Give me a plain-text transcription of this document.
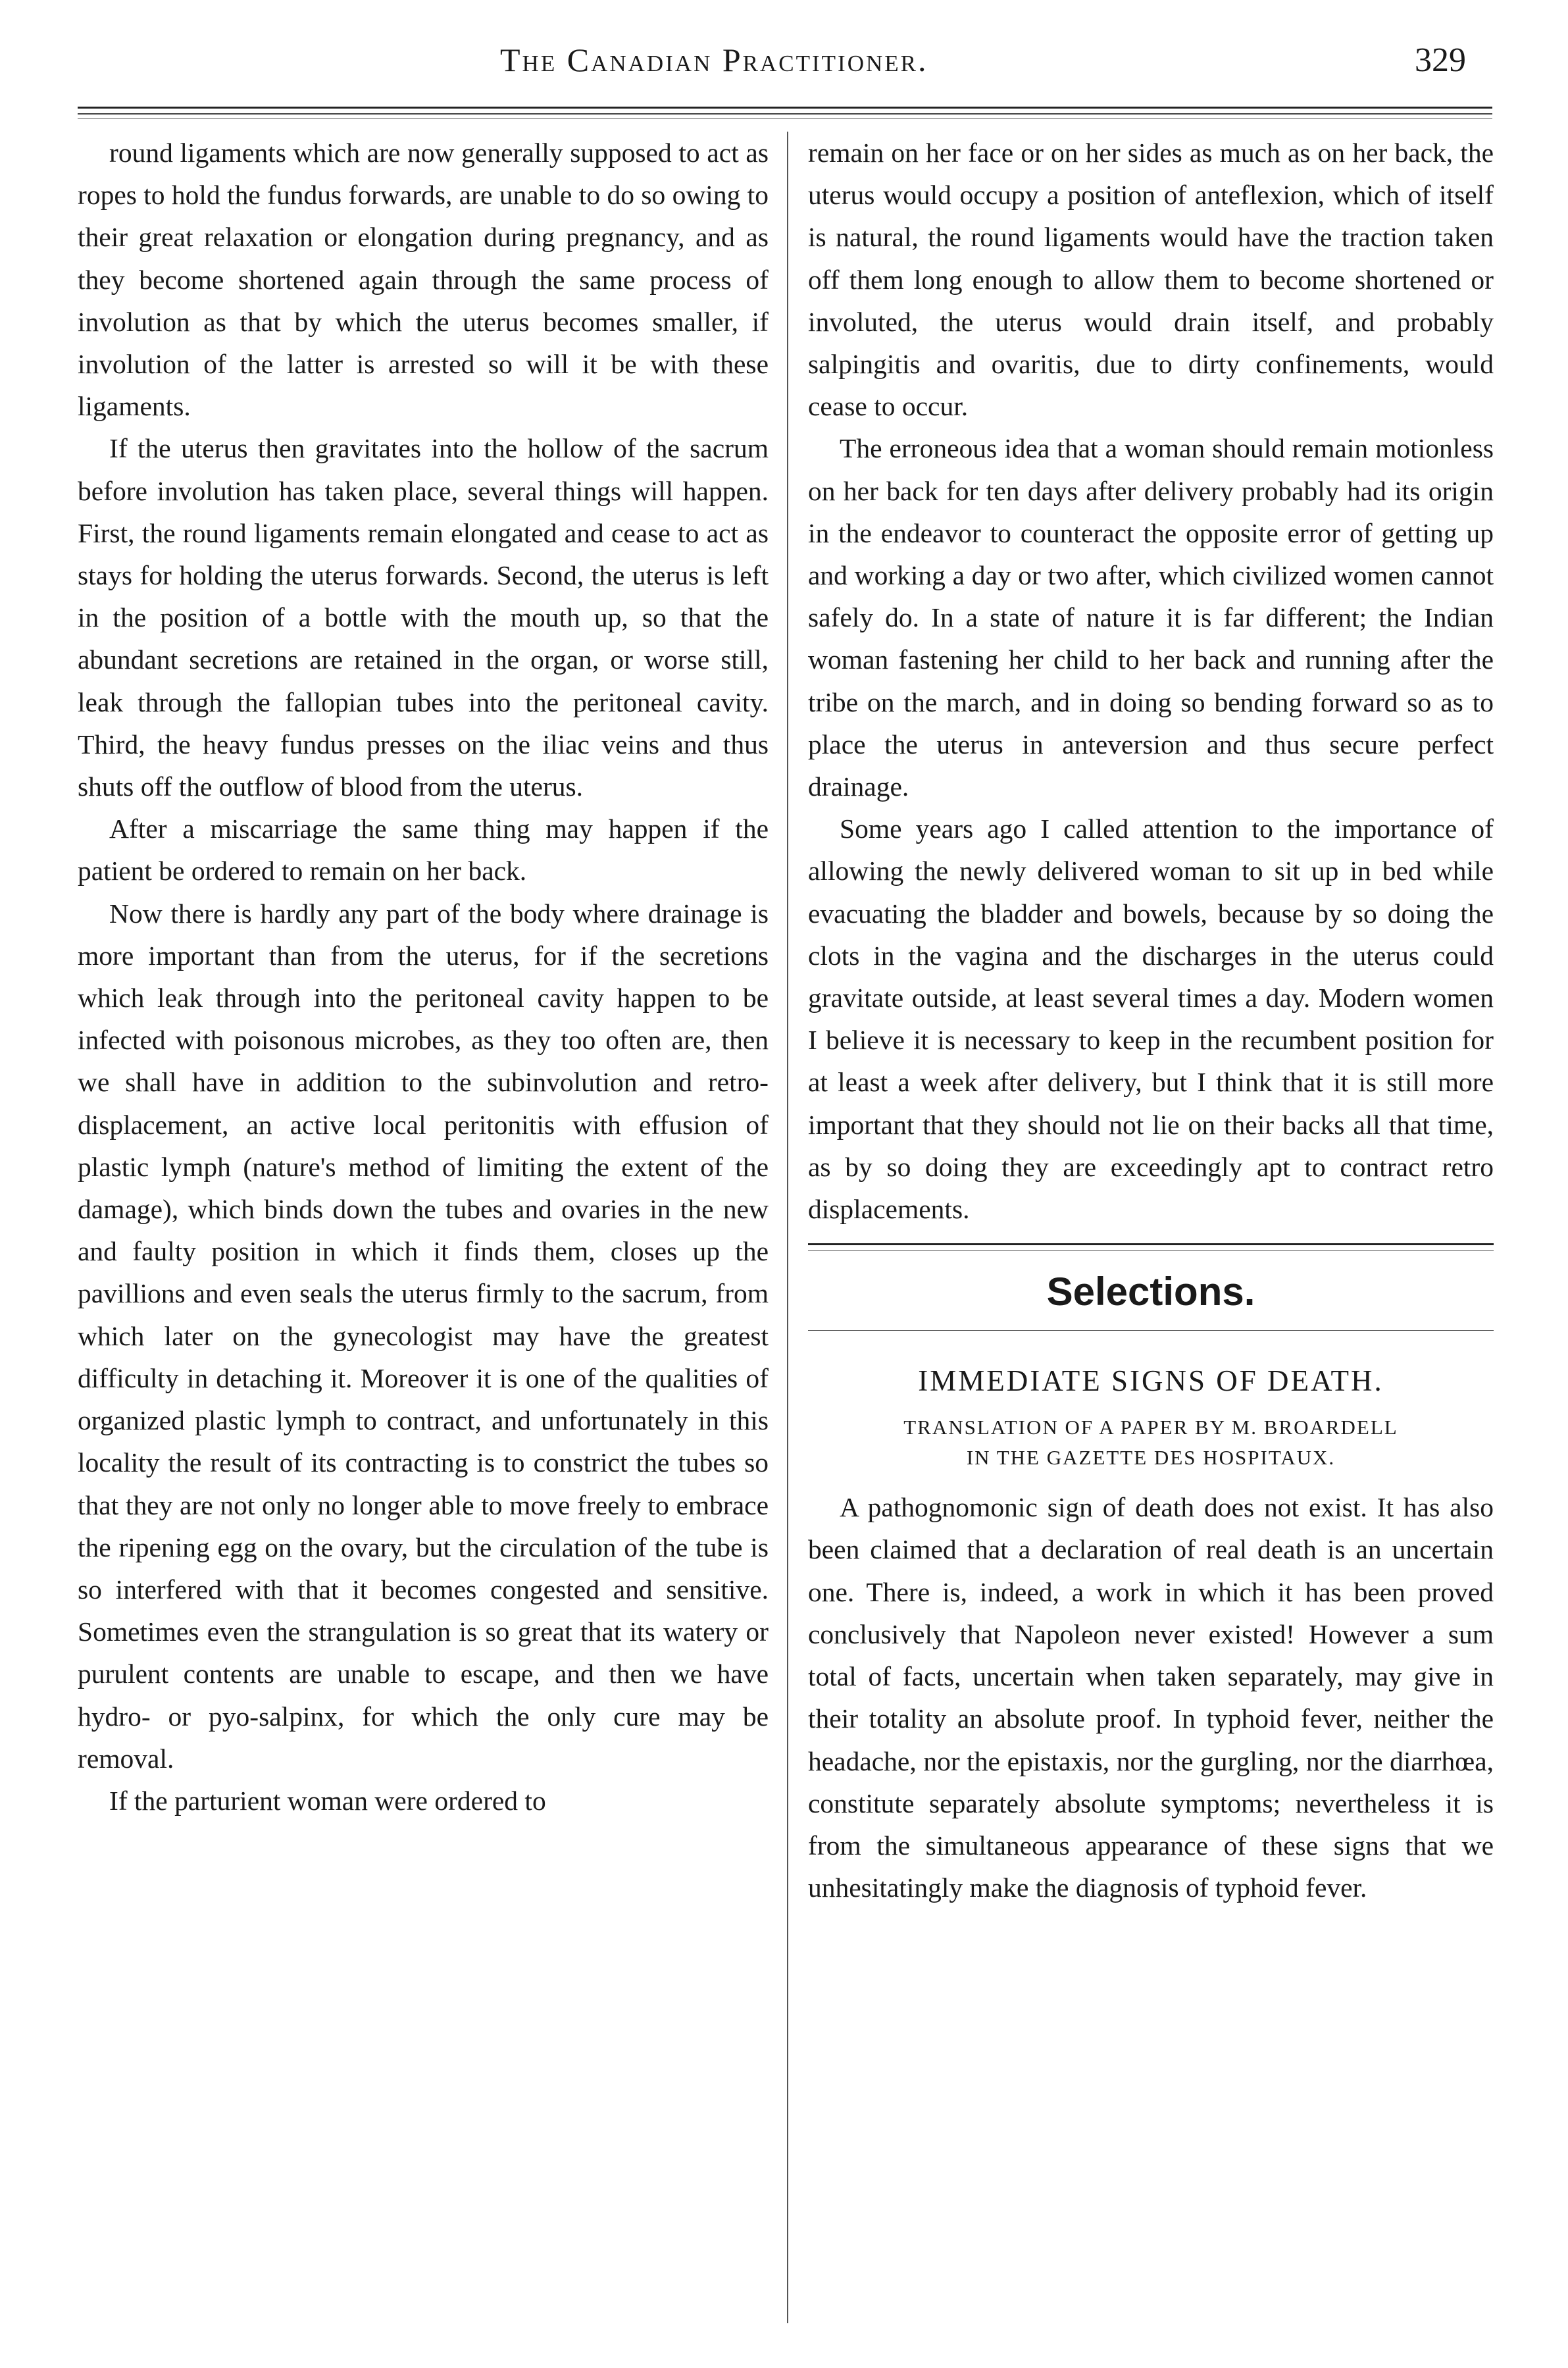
The Canadian Practitioner.	329

round ligaments which are now generally supposed to act as ropes to hold the fundus forwards, are unable to do so owing to their great relaxation or elongation during pregnancy, and as they become shortened again through the same process of involution as that by which the uterus becomes smaller, if involution of the latter is arrested so will it be with these ligaments.

If the uterus then gravitates into the hollow of the sacrum before involution has taken place, several things will happen. First, the round ligaments remain elongated and cease to act as stays for holding the uterus forwards. Second, the uterus is left in the position of a bottle with the mouth up, so that the abundant secretions are retained in the organ, or worse still, leak through the fallopian tubes into the peritoneal cavity. Third, the heavy fundus presses on the iliac veins and thus shuts off the outflow of blood from the uterus.

After a miscarriage the same thing may happen if the patient be ordered to remain on her back.

Now there is hardly any part of the body where drainage is more important than from the uterus, for if the secretions which leak through into the peritoneal cavity happen to be infected with poisonous microbes, as they too often are, then we shall have in addition to the subinvolution and retro-displacement, an active local peritonitis with effusion of plastic lymph (nature's method of limiting the extent of the damage), which binds down the tubes and ovaries in the new and faulty position in which it finds them, closes up the pavillions and even seals the uterus firmly to the sacrum, from which later on the gynecologist may have the greatest difficulty in detaching it. Moreover it is one of the qualities of organized plastic lymph to contract, and unfortunately in this locality the result of its contracting is to constrict the tubes so that they are not only no longer able to move freely to embrace the ripening egg on the ovary, but the circulation of the tube is so interfered with that it becomes congested and sensitive. Sometimes even the strangulation is so great that its watery or purulent contents are unable to escape, and then we have hydro- or pyo-salpinx, for which the only cure may be removal.

If the parturient woman were ordered to

remain on her face or on her sides as much as on her back, the uterus would occupy a position of anteflexion, which of itself is natural, the round ligaments would have the traction taken off them long enough to allow them to become shortened or involuted, the uterus would drain itself, and probably salpingitis and ovaritis, due to dirty confinements, would cease to occur.

The erroneous idea that a woman should remain motionless on her back for ten days after delivery probably had its origin in the endeavor to counteract the opposite error of getting up and working a day or two after, which civilized women cannot safely do. In a state of nature it is far different; the Indian woman fastening her child to her back and running after the tribe on the march, and in doing so bending forward so as to place the uterus in anteversion and thus secure perfect drainage.

Some years ago I called attention to the importance of allowing the newly delivered woman to sit up in bed while evacuating the bladder and bowels, because by so doing the clots in the vagina and the discharges in the uterus could gravitate outside, at least several times a day. Modern women I believe it is necessary to keep in the recumbent position for at least a week after delivery, but I think that it is still more important that they should not lie on their backs all that time, as by so doing they are exceedingly apt to contract retro displacements.

Selections.
IMMEDIATE SIGNS OF DEATH.
TRANSLATION OF A PAPER BY M. BROARDELL
IN THE GAZETTE DES HOSPITAUX.

A pathognomonic sign of death does not exist. It has also been claimed that a declaration of real death is an uncertain one. There is, indeed, a work in which it has been proved conclusively that Napoleon never existed! However a sum total of facts, uncertain when taken separately, may give in their totality an absolute proof. In typhoid fever, neither the headache, nor the epistaxis, nor the gurgling, nor the diarrhœa, constitute separately absolute symptoms; nevertheless it is from the simultaneous appearance of these signs that we unhesitatingly make the diagnosis of typhoid fever.
